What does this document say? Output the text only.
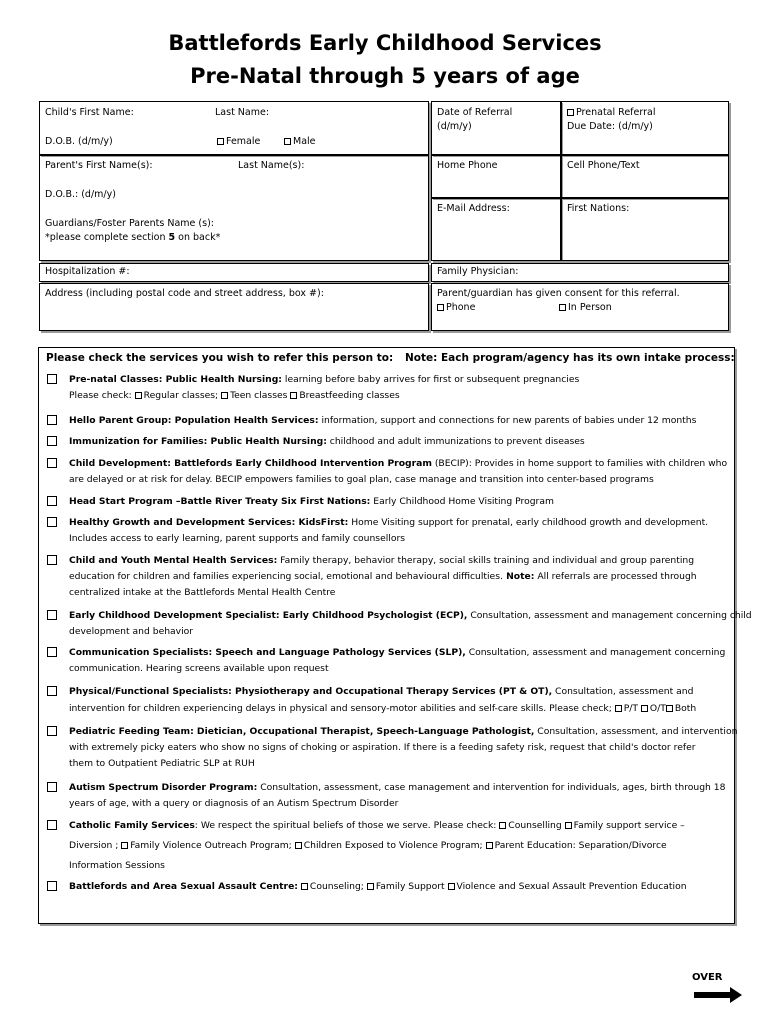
Battlefords Early Childhood Services
Pre-Natal through 5 years of age
Child's First Name:	Last Name:
D.O.B. (d/m/y)	Female	Male
Date of Referral
(d/m/y)
Prenatal Referral
Due Date: (d/m/y)
Parent's First Name(s):	Last Name(s):
D.O.B.: (d/m/y)
Guardians/Foster Parents Name (s):
*please complete section 5 on back*
Home Phone	Cell Phone/Text
E-Mail Address:	First Nations:
Hospitalization #:	Family Physician:
Address (including postal code and street address, box #):	Parent/guardian has given consent for this referral.
Phone	In Person
Please check the services you wish to refer this person to: Note: Each program/agency has its own intake process:
Pre-natal Classes: Public Health Nursing: learning before baby arrives for first or subsequent pregnancies
Please check: Regular classes; Teen classes Breastfeeding classes
Hello Parent Group: Population Health Services: information, support and connections for new parents of babies under 12 months
Immunization for Families: Public Health Nursing: childhood and adult immunizations to prevent diseases
Child Development: Battlefords Early Childhood Intervention Program (BECIP): Provides in home support to families with children who
are delayed or at risk for delay. BECIP empowers families to goal plan, case manage and transition into center-based programs
Head Start Program –Battle River Treaty Six First Nations: Early Childhood Home Visiting Program
Healthy Growth and Development Services: KidsFirst: Home Visiting support for prenatal, early childhood growth and development.
Includes access to early learning, parent supports and family counsellors
Child and Youth Mental Health Services: Family therapy, behavior therapy, social skills training and individual and group parenting
education for children and families experiencing social, emotional and behavioural difficulties. Note: All referrals are processed through
centralized intake at the Battlefords Mental Health Centre
Early Childhood Development Specialist: Early Childhood Psychologist (ECP), Consultation, assessment and management concerning child
development and behavior
Communication Specialists: Speech and Language Pathology Services (SLP), Consultation, assessment and management concerning
communication. Hearing screens available upon request
Physical/Functional Specialists: Physiotherapy and Occupational Therapy Services (PT & OT), Consultation, assessment and
intervention for children experiencing delays in physical and sensory-motor abilities and self-care skills. Please check; P/T O/T Both
Pediatric Feeding Team: Dietician, Occupational Therapist, Speech-Language Pathologist, Consultation, assessment, and intervention
with extremely picky eaters who show no signs of choking or aspiration. If there is a feeding safety risk, request that child's doctor refer
them to Outpatient Pediatric SLP at RUH
Autism Spectrum Disorder Program: Consultation, assessment, case management and intervention for individuals, ages, birth through 18
years of age, with a query or diagnosis of an Autism Spectrum Disorder
Catholic Family Services: We respect the spiritual beliefs of those we serve. Please check: Counselling Family support service –
Diversion ; Family Violence Outreach Program; Children Exposed to Violence Program; Parent Education: Separation/Divorce
Information Sessions
Battlefords and Area Sexual Assault Centre: Counseling; Family Support Violence and Sexual Assault Prevention Education
OVER
